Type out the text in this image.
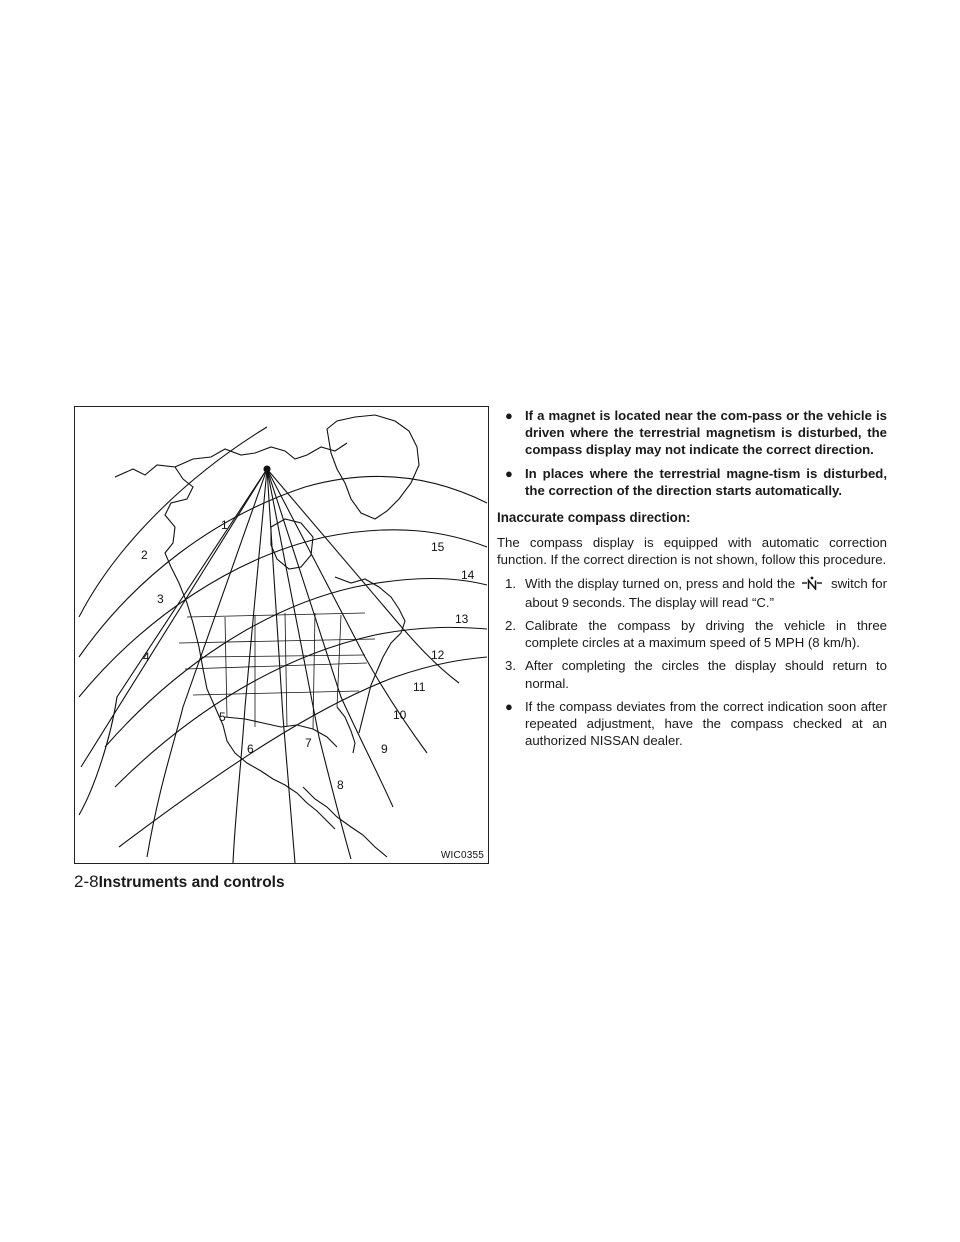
1
2
3
4
5
6	7
8
9
10
11
12
13
14
15
WIC0355
2-8Instruments and controls
● If a magnet is located near the com-pass or the vehicle is driven where the terrestrial magnetism is disturbed, the compass display may not indicate the correct direction.
● In places where the terrestrial magne-tism is disturbed, the correction of the direction starts automatically.
Inaccurate compass direction:

The compass display is equipped with automatic correction function. If the correct direction is not shown, follow this procedure.

1. With the display turned on, press and hold the	switch for about 9 seconds. The display will read “C.”
2. Calibrate the compass by driving the vehicle in three complete circles at a maximum speed of 5 MPH (8 km/h).
3. After completing the circles the display should return to normal.
● If the compass deviates from the correct indication soon after repeated adjustment, have the compass checked at an authorized NISSAN dealer.
